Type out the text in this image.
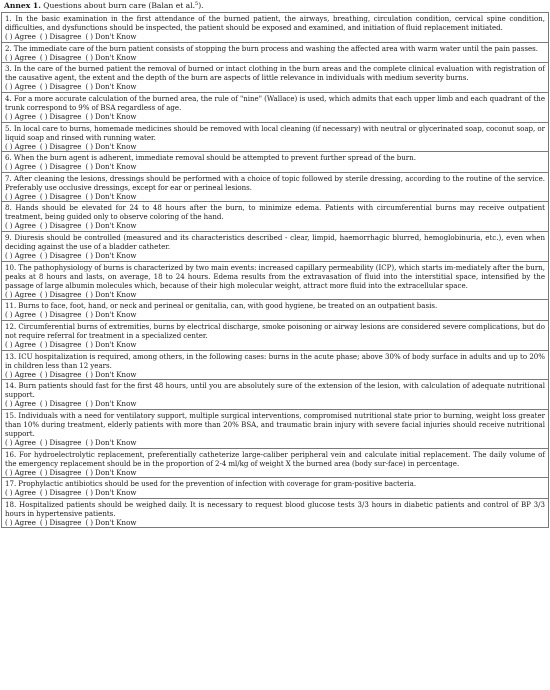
Annex 1. Questions about burn care (Balan et al.$^5$).
1. In the basic examination in the first attendance of the burned patient, the airways, breathing, circulation condition, cervical spine condition, difficulties, and dysfunctions should be inspected, the patient should be exposed and examined, and initiation of fluid replacement initiated.
( ) Agree ( ) Disagree ( ) Don't Know

2. The immediate care of the burn patient consists of stopping the burn process and washing the affected area with warm water until the pain passes.
( ) Agree ( ) Disagree ( ) Don't Know

3. In the care of the burned patient the removal of burned or intact clothing in the burn areas and the complete clinical evaluation with registration of the causative agent, the extent and the depth of the burn are aspects of little relevance in individuals with medium severity burns.
( ) Agree ( ) Disagree ( ) Don't Know

4. For a more accurate calculation of the burned area, the rule of "nine" (Wallace) is used, which admits that each upper limb and each quadrant of the trunk correspond to 9% of BSA regardless of age.
( ) Agree ( ) Disagree ( ) Don't Know

5. In local care to burns, homemade medicines should be removed with local cleaning (if necessary) with neutral or glycerinated soap, coconut soap, or liquid soap and rinsed with running water.
( ) Agree ( ) Disagree ( ) Don't Know

6. When the burn agent is adherent, immediate removal should be attempted to prevent further spread of the burn.
( ) Agree ( ) Disagree ( ) Don't Know

7. After cleaning the lesions, dressings should be performed with a choice of topic followed by sterile dressing, according to the routine of the service. Preferably use occlusive dressings, except for ear or perineal lesions.
( ) Agree ( ) Disagree ( ) Don't Know

8. Hands should be elevated for 24 to 48 hours after the burn, to minimize edema. Patients with circumferential burns may receive outpatient treatment, being guided only to observe coloring of the hand.
( ) Agree ( ) Disagree ( ) Don't Know

9. Diuresis should be controlled (measured and its characteristics described - clear, limpid, haemorrhagic blurred, hemoglobinuria, etc.), even when deciding against the use of a bladder catheter.
( ) Agree ( ) Disagree ( ) Don't Know

10. The pathophysiology of burns is characterized by two main events: increased capillary permeability (ICP), which starts im-mediately after the burn, peaks at 8 hours and lasts, on average, 18 to 24 hours. Edema results from the extravasation of fluid into the interstitial space, intensified by the passage of large albumin molecules which, because of their high molecular weight, attract more fluid into the extracellular space.
( ) Agree ( ) Disagree ( ) Don't Know

11. Burns to face, foot, hand, or neck and perineal or genitalia, can, with good hygiene, be treated on an outpatient basis.
( ) Agree ( ) Disagree ( ) Don't Know

12. Circumferential burns of extremities, burns by electrical discharge, smoke poisoning or airway lesions are considered severe complications, but do not require referral for treatment in a specialized center.
( ) Agree ( ) Disagree ( ) Don't Know

13. ICU hospitalization is required, among others, in the following cases: burns in the acute phase; above 30% of body surface in adults and up to 20% in children less than 12 years.
( ) Agree ( ) Disagree ( ) Don't Know

14. Burn patients should fast for the first 48 hours, until you are absolutely sure of the extension of the lesion, with calculation of adequate nutritional support.
( ) Agree ( ) Disagree ( ) Don't Know

15. Individuals with a need for ventilatory support, multiple surgical interventions, compromised nutritional state prior to burning, weight loss greater than 10% during treatment, elderly patients with more than 20% BSA, and traumatic brain injury with severe facial injuries should receive nutritional support.
( ) Agree ( ) Disagree ( ) Don't Know

16. For hydroelectrolytic replacement, preferentially catheterize large-caliber peripheral vein and calculate initial replacement. The daily volume of the emergency replacement should be in the proportion of 2-4 ml/kg of weight X the burned area (body sur-face) in percentage.
( ) Agree ( ) Disagree ( ) Don't Know

17. Prophylactic antibiotics should be used for the prevention of infection with coverage for gram-positive bacteria.
( ) Agree ( ) Disagree ( ) Don't Know

18. Hospitalized patients should be weighed daily. It is necessary to request blood glucose tests 3/3 hours in diabetic patients and control of BP 3/3 hours in hypertensive patients.
( ) Agree ( ) Disagree ( ) Don't Know
